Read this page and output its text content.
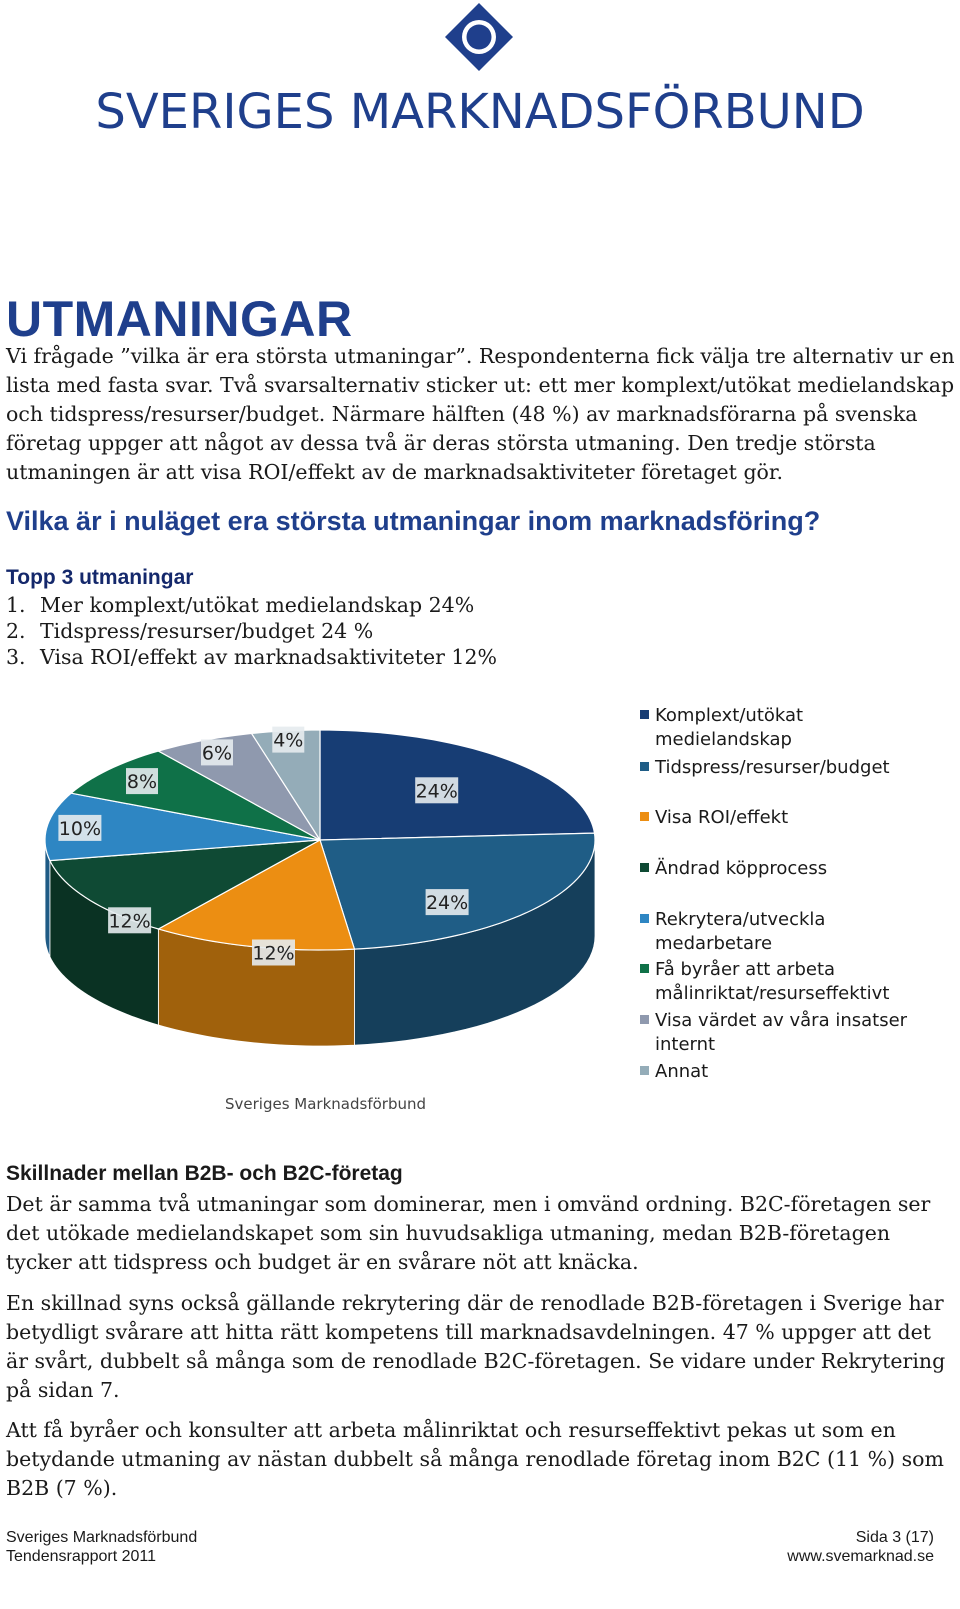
SVERIGES MARKNADSFÖRBUND
UTMANINGAR

Vi frågade ”vilka är era största utmaningar”. Respondenterna fick välja tre alternativ ur en lista med fasta svar. Två svarsalternativ sticker ut: ett mer komplext/utökat medielandskap och tidspress/resurser/budget. Närmare hälften (48 %) av marknadsförarna på svenska företag uppger att något av dessa två är deras största utmaning. Den tredje största utmaningen är att visa ROI/effekt av de marknadsaktiviteter företaget gör.

Vilka är i nuläget era största utmaningar inom marknadsföring?
Topp 3 utmaningar
1. Mer komplext/utökat medielandskap 24%
2. Tidspress/resurser/budget 24 %
3. Visa ROI/effekt av marknadsaktiviteter 12%
24%
24%
12%
12%
10%
8%
6%
4%
Komplext/utökat medielandskap
Tidspress/resurser/budget
Visa ROI/effekt
Ändrad köpprocess
Rekrytera/utveckla medarbetare
Få byråer att arbeta målinriktat/resurseffektivt
Visa värdet av våra insatser internt
Annat
Sveriges Marknadsförbund
Skillnader mellan B2B- och B2C-företag

Det är samma två utmaningar som dominerar, men i omvänd ordning. B2C-företagen ser det utökade medielandskapet som sin huvudsakliga utmaning, medan B2B-företagen tycker att tidspress och budget är en svårare nöt att knäcka.

En skillnad syns också gällande rekrytering där de renodlade B2B-företagen i Sverige har betydligt svårare att hitta rätt kompetens till marknadsavdelningen. 47 % uppger att det är svårt, dubbelt så många som de renodlade B2C-företagen. Se vidare under Rekrytering på sidan 7.

Att få byråer och konsulter att arbeta målinriktat och resurseffektivt pekas ut som en betydande utmaning av nästan dubbelt så många renodlade företag inom B2C (11 %) som B2B (7 %).

Sveriges Marknadsförbund
Tendensrapport 2011
Sida 3 (17)
www.svemarknad.se
